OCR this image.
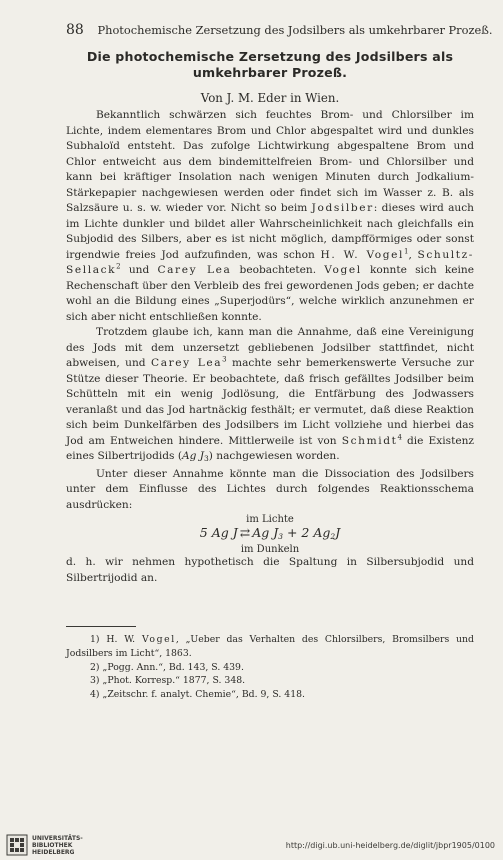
88 Photochemische Zersetzung des Jodsilbers als umkehrbarer Prozeß.
Die photochemische Zersetzung des Jodsilbers als umkehrbarer Prozeß.
Von J. M. Eder in Wien.

Bekanntlich schwärzen sich feuchtes Brom- und Chlorsilber im Lichte, indem elementares Brom und Chlor abgespaltet wird und dunkles Subhaloïd entsteht. Das zufolge Lichtwirkung abgespaltene Brom und Chlor entweicht aus dem bindemittelfreien Brom- und Chlorsilber und kann bei kräftiger Insolation nach wenigen Minuten durch Jodkalium-Stärkepapier nachgewiesen werden oder findet sich im Wasser z. B. als Salzsäure u. s. w. wieder vor. Nicht so beim Jodsilber: dieses wird auch im Lichte dunkler und bildet aller Wahrscheinlichkeit nach gleichfalls ein Subjodid des Silbers, aber es ist nicht möglich, dampfförmiges oder sonst irgendwie freies Jod aufzufinden, was schon H. W. Vogel$^1$, Schultz-Sellack$^2$ und Carey Lea beobachteten. Vogel konnte sich keine Rechenschaft über den Verbleib des frei gewordenen Jods geben; er dachte wohl an die Bildung eines „Superjodürs“, welche wirklich anzunehmen er sich aber nicht entschließen konnte.

Trotzdem glaube ich, kann man die Annahme, daß eine Vereinigung des Jods mit dem unzersetzt gebliebenen Jodsilber stattfindet, nicht abweisen, und Carey Lea$^3$ machte sehr bemerkenswerte Versuche zur Stütze dieser Theorie. Er beobachtete, daß frisch gefälltes Jodsilber beim Schütteln mit ein wenig Jodlösung, die Entfärbung des Jodwassers veranlaßt und das Jod hartnäckig festhält; er vermutet, daß diese Reaktion sich beim Dunkelfärben des Jodsilbers im Licht vollziehe und hierbei das Jod am Entweichen hindere. Mittlerweile ist von Schmidt$^4$ die Existenz eines Silbertrijodids (Ag $J_3$) nachgewiesen worden.

Unter dieser Annahme könnte man die Dissociation des Jodsilbers unter dem Einflusse des Lichtes durch folgendes Reaktionsschema ausdrücken:

im Lichte
5 Ag J ⇄ Ag $J_3 + 2$ $Ag_2J$
im Dunkeln

d. h. wir nehmen hypothetisch die Spaltung in Silbersubjodid und Silbertrijodid an.

1) H. W. Vogel, „Ueber das Verhalten des Chlorsilbers, Bromsilbers und Jodsilbers im Licht“, 1863.
2) „Pogg. Ann.“, Bd. 143, S. 439.
3) „Phot. Korresp.“ 1877, S. 348.
4) „Zeitschr. f. analyt. Chemie“, Bd. 9, S. 418.
UNIVERSITÄTS-
BIBLIOTHEK
HEIDELBERG
http://digi.ub.uni-heidelberg.de/diglit/jbpr1905/0100
